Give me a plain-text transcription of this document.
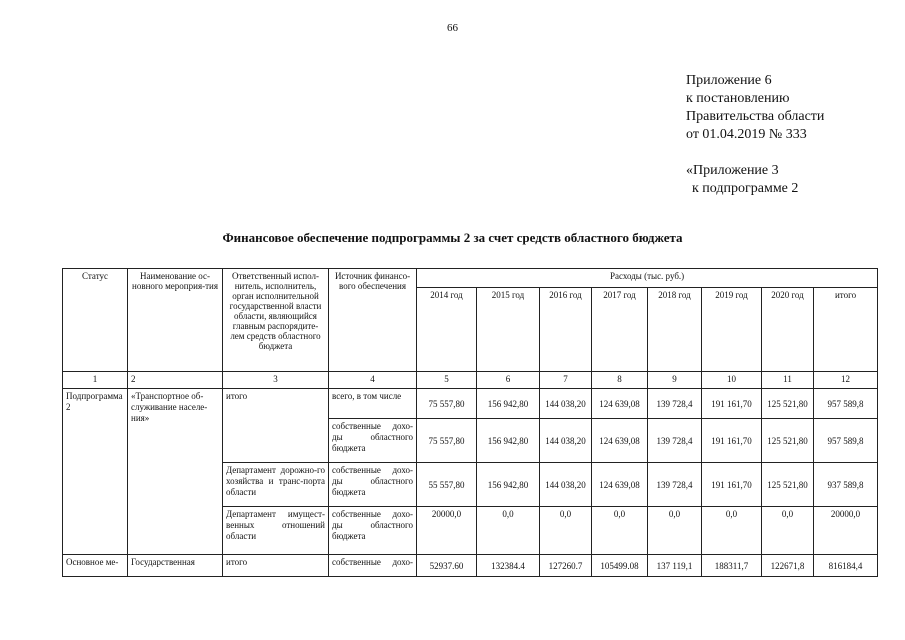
66
Приложение 6
к постановлению
Правительства области
от 01.04.2019 № 333
«Приложение 3
к подпрограмме 2
Финансовое обеспечение подпрограммы 2 за счет средств областного бюджета
Статус	Наименование ос-новного мероприя-тия	Ответственный испол-нитель, исполнитель, орган исполнительной государственной власти области, являющийся главным распорядите-лем средств областного бюджета	Источник финансо-вого обеспечения	Расходы (тыс. руб.)							
				2014 год	2015 год	2016 год	2017 год	2018 год	2019 год	2020 год	итого
1	2	3	4	5	6	7	8	9	10	11	12
Подпрограмма 2	«Транспортное об-служивание населе-ния»	итого	всего, в том числе	75 557,80	156 942,80	144 038,20	124 639,08	139 728,4	191 161,70	125 521,80	957 589,8
			собственные дохо-ды областного бюджета	75 557,80	156 942,80	144 038,20	124 639,08	139 728,4	191 161,70	125 521,80	957 589,8
		Департамент дорожно-го хозяйства и транс-порта области	собственные дохо-ды областного бюджета	55 557,80	156 942,80	144 038,20	124 639,08	139 728,4	191 161,70	125 521,80	937 589,8
		Департамент имущест-венных отношений области	собственные дохо-ды областного бюджета	20000,0	0,0	0,0	0,0	0,0	0,0	0,0	20000,0
Основное ме-	Государственная	итого	собственные дохо-	52937.60	132384.4	127260.7	105499.08	137 119,1	188311,7	122671,8	816184,4
